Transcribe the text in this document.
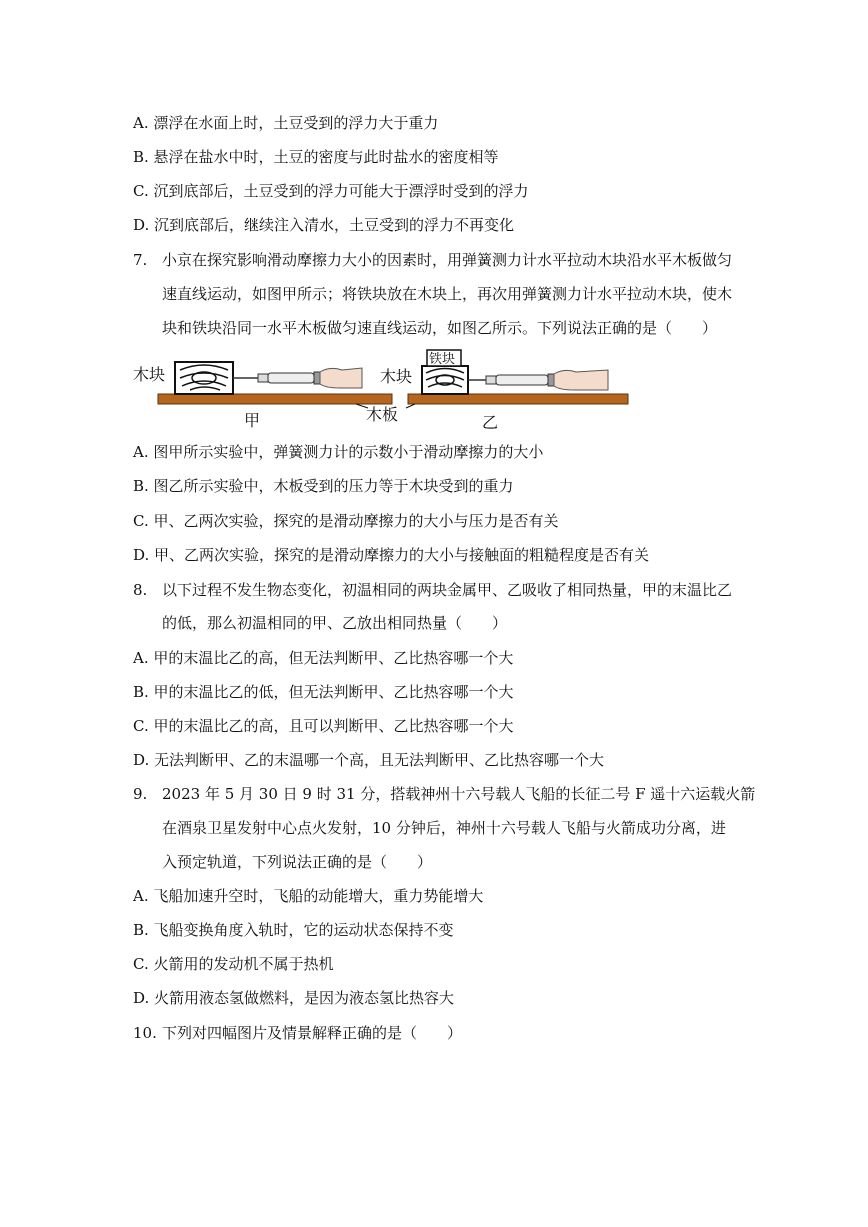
A. 漂浮在水面上时，土豆受到的浮力大于重力
B. 悬浮在盐水中时，土豆的密度与此时盐水的密度相等
C. 沉到底部后，土豆受到的浮力可能大于漂浮时受到的浮力
D. 沉到底部后，继续注入清水，土豆受到的浮力不再变化
7. 小京在探究影响滑动摩擦力大小的因素时，用弹簧测力计水平拉动木块沿水平木板做匀
速直线运动，如图甲所示；将铁块放在木块上，再次用弹簧测力计水平拉动木块，使木
块和铁块沿同一水平木板做匀速直线运动，如图乙所示。下列说法正确的是（　　）
木块	木块
铁块
木板
甲	乙
A. 图甲所示实验中，弹簧测力计的示数小于滑动摩擦力的大小
B. 图乙所示实验中，木板受到的压力等于木块受到的重力
C. 甲、乙两次实验，探究的是滑动摩擦力的大小与压力是否有关
D. 甲、乙两次实验，探究的是滑动摩擦力的大小与接触面的粗糙程度是否有关
8. 以下过程不发生物态变化，初温相同的两块金属甲、乙吸收了相同热量，甲的末温比乙
的低，那么初温相同的甲、乙放出相同热量（　　）
A. 甲的末温比乙的高，但无法判断甲、乙比热容哪一个大
B. 甲的末温比乙的低，但无法判断甲、乙比热容哪一个大
C. 甲的末温比乙的高，且可以判断甲、乙比热容哪一个大
D. 无法判断甲、乙的末温哪一个高，且无法判断甲、乙比热容哪一个大
9. 2023 年 5 月 30 日 9 时 31 分，搭载神州十六号载人飞船的长征二号 F 遥十六运载火箭
在酒泉卫星发射中心点火发射，10 分钟后，神州十六号载人飞船与火箭成功分离，进
入预定轨道，下列说法正确的是（　　）
A. 飞船加速升空时，飞船的动能增大，重力势能增大
B. 飞船变换角度入轨时，它的运动状态保持不变
C. 火箭用的发动机不属于热机
D. 火箭用液态氢做燃料，是因为液态氢比热容大
10. 下列对四幅图片及情景解释正确的是（　　）
